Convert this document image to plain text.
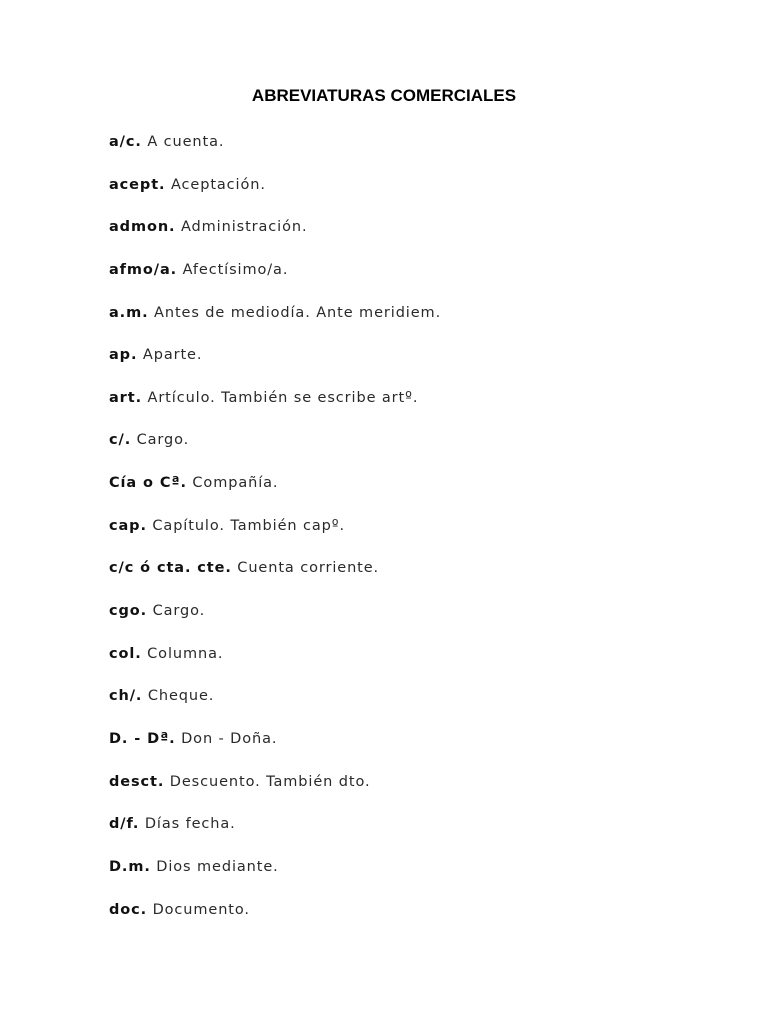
ABREVIATURAS COMERCIALES
a/c. A cuenta.
acept. Aceptación.
admon. Administración.
afmo/a. Afectísimo/a.
a.m. Antes de mediodía. Ante meridiem.
ap. Aparte.
art. Artículo. También se escribe artº.
c/. Cargo.
Cía o Cª. Compañía.
cap. Capítulo. También capº.
c/c ó cta. cte. Cuenta corriente.
cgo. Cargo.
col. Columna.
ch/. Cheque.
D. - Dª. Don - Doña.
desct. Descuento. También dto.
d/f. Días fecha.
D.m. Dios mediante.
doc. Documento.
